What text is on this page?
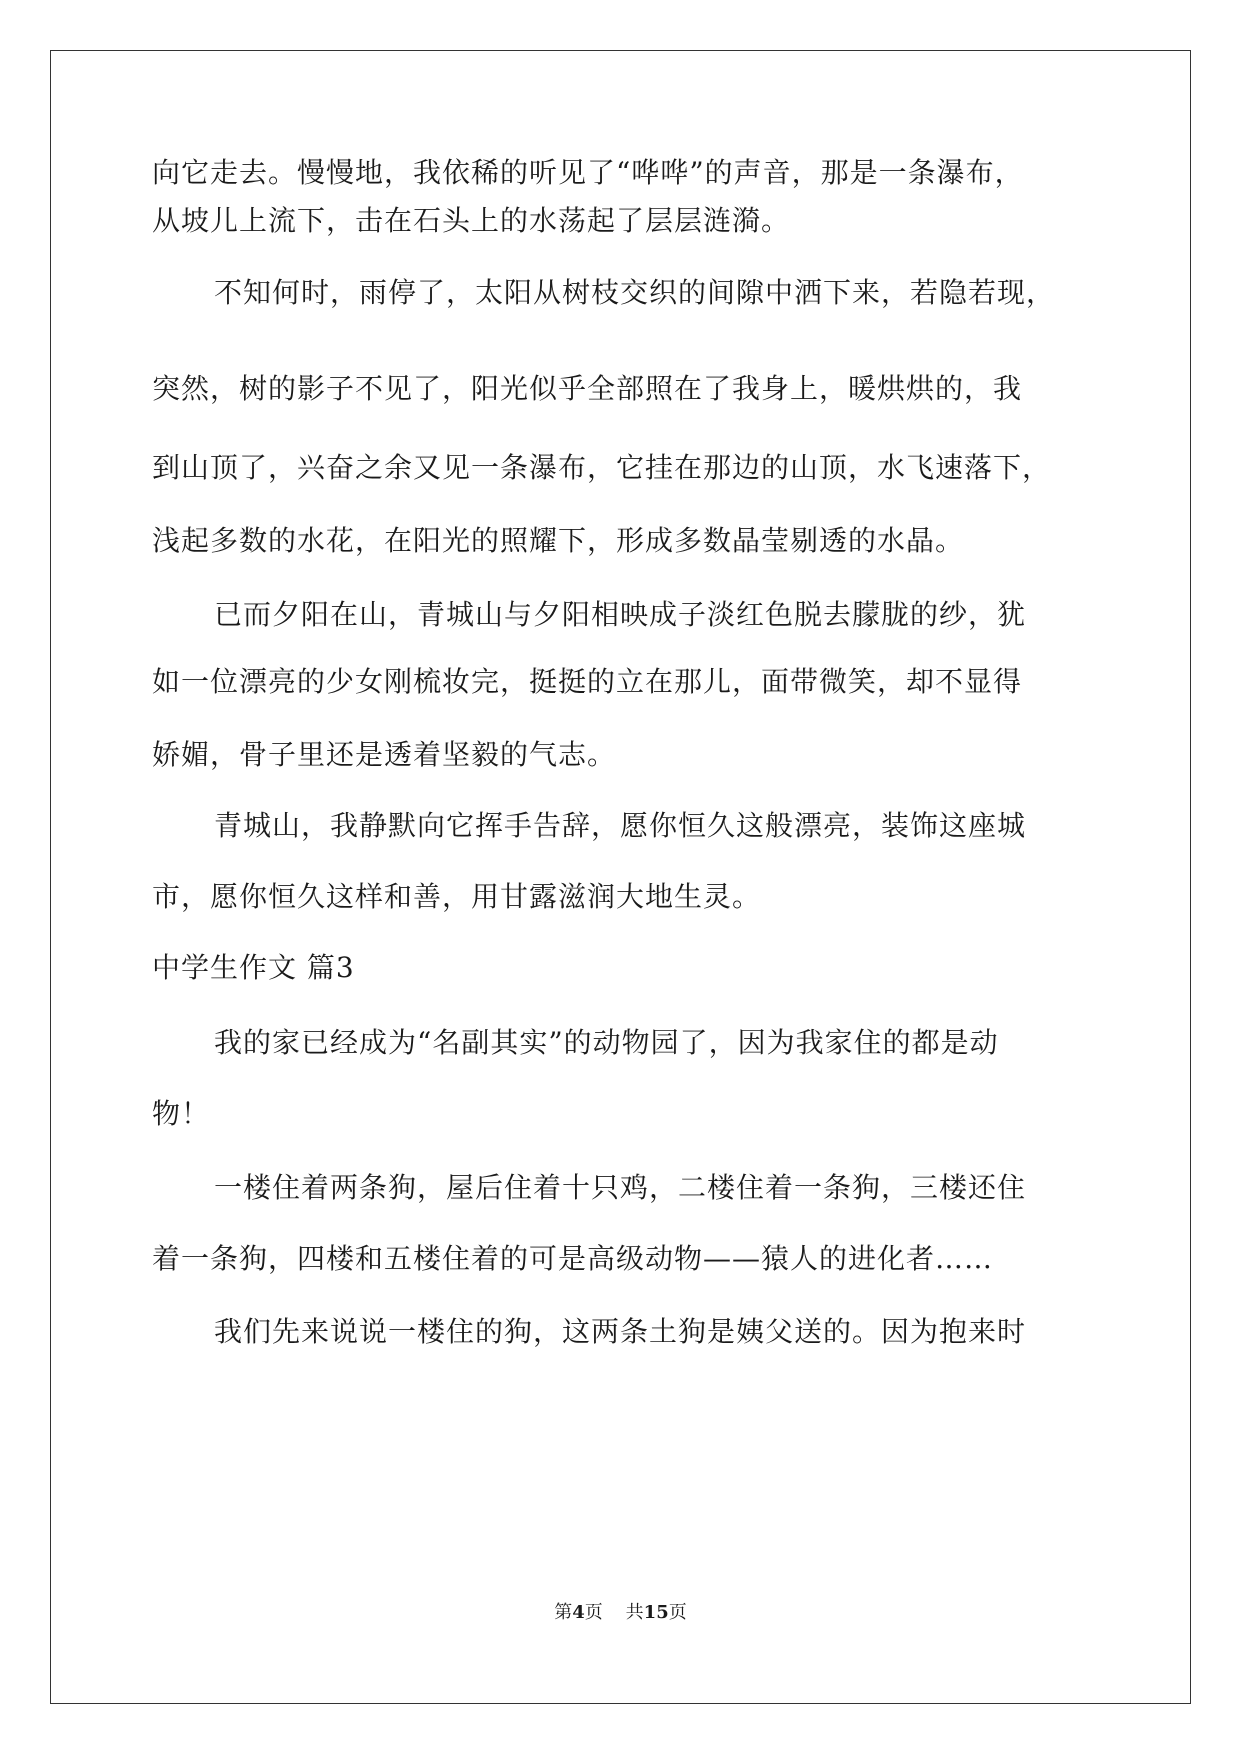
向它走去。慢慢地，我依稀的听见了“哗哗”的声音，那是一条瀑布，
从坡儿上流下，击在石头上的水荡起了层层涟漪。
不知何时，雨停了，太阳从树枝交织的间隙中洒下来，若隐若现，
突然，树的影子不见了，阳光似乎全部照在了我身上，暖烘烘的，我
到山顶了，兴奋之余又见一条瀑布，它挂在那边的山顶，水飞速落下，
浅起多数的水花，在阳光的照耀下，形成多数晶莹剔透的水晶。
已而夕阳在山，青城山与夕阳相映成子淡红色脱去朦胧的纱，犹
如一位漂亮的少女刚梳妆完，挺挺的立在那儿，面带微笑，却不显得
娇媚，骨子里还是透着坚毅的气志。
青城山，我静默向它挥手告辞，愿你恒久这般漂亮，装饰这座城
市，愿你恒久这样和善，用甘露滋润大地生灵。
中学生作文 篇3
我的家已经成为“名副其实”的动物园了，因为我家住的都是动
物！
一楼住着两条狗，屋后住着十只鸡，二楼住着一条狗，三楼还住
着一条狗，四楼和五楼住着的可是高级动物——猿人的进化者……
我们先来说说一楼住的狗，这两条土狗是姨父送的。因为抱来时
第4页    共15页
